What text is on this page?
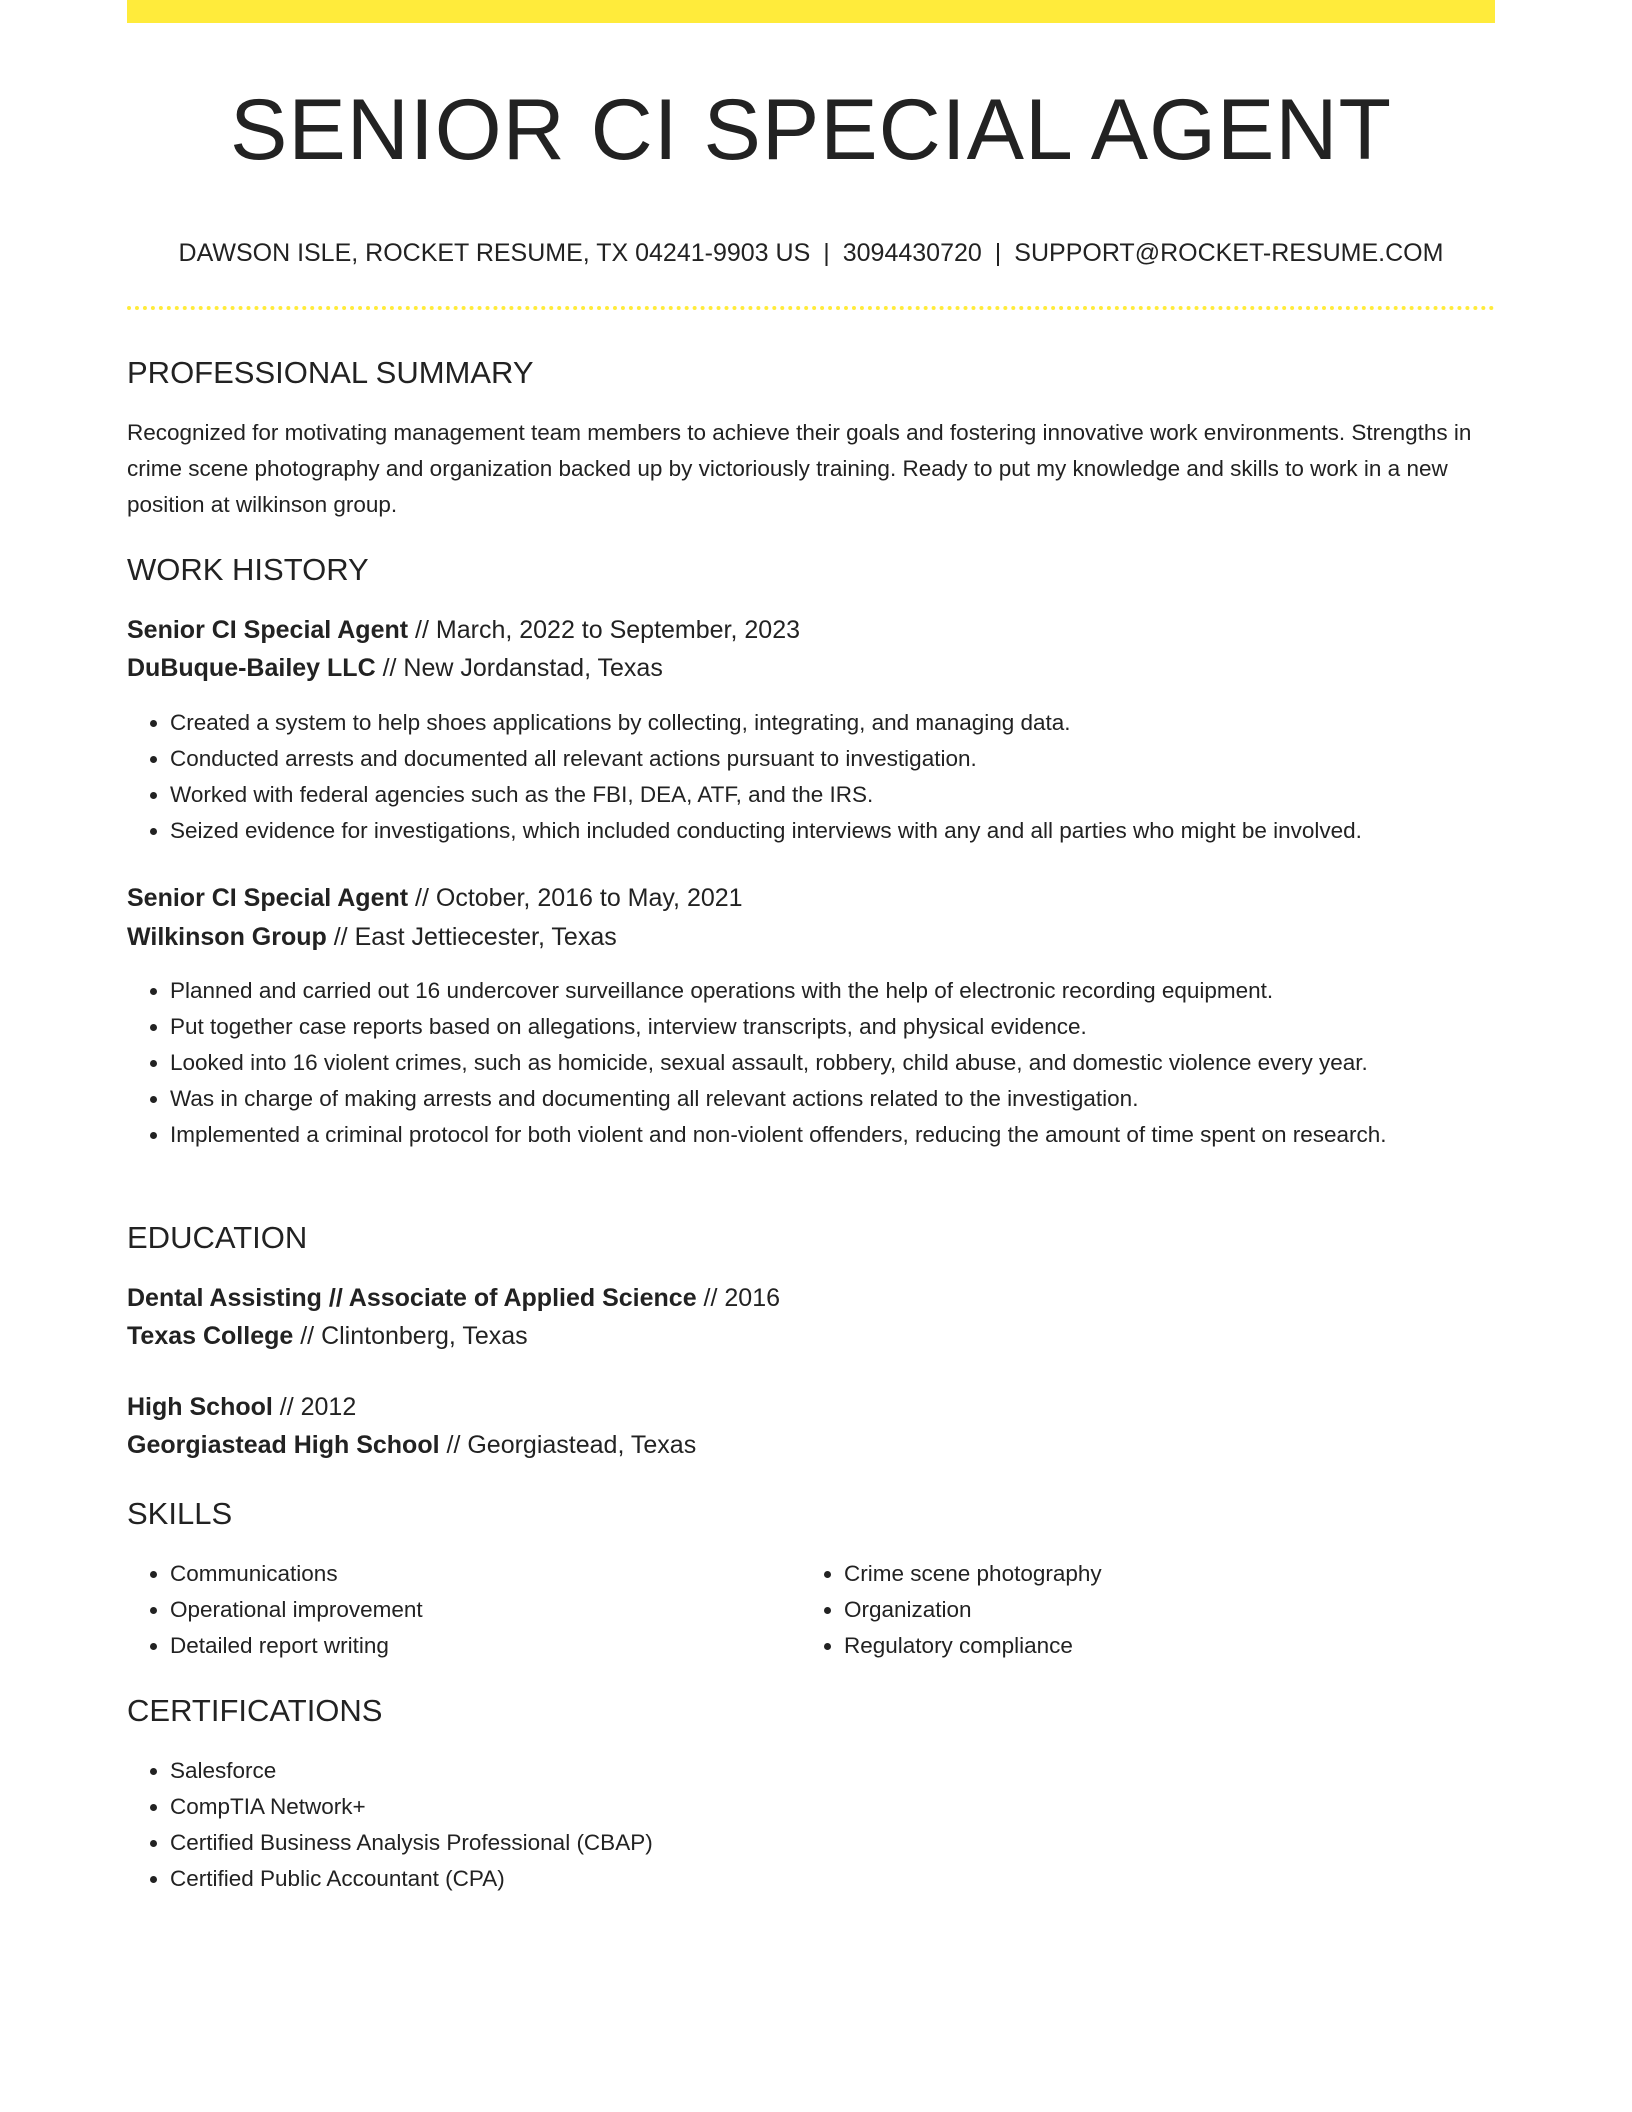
SENIOR CI SPECIAL AGENT
DAWSON ISLE, ROCKET RESUME, TX 04241-9903 US | 3094430720 | SUPPORT@ROCKET-RESUME.COM
PROFESSIONAL SUMMARY
Recognized for motivating management team members to achieve their goals and fostering innovative work environments. Strengths in crime scene photography and organization backed up by victoriously training. Ready to put my knowledge and skills to work in a new position at wilkinson group.
WORK HISTORY
Senior CI Special Agent // March, 2022 to September, 2023
DuBuque-Bailey LLC // New Jordanstad, Texas
• Created a system to help shoes applications by collecting, integrating, and managing data.
• Conducted arrests and documented all relevant actions pursuant to investigation.
• Worked with federal agencies such as the FBI, DEA, ATF, and the IRS.
• Seized evidence for investigations, which included conducting interviews with any and all parties who might be involved.
Senior CI Special Agent // October, 2016 to May, 2021
Wilkinson Group // East Jettiecester, Texas
• Planned and carried out 16 undercover surveillance operations with the help of electronic recording equipment.
• Put together case reports based on allegations, interview transcripts, and physical evidence.
• Looked into 16 violent crimes, such as homicide, sexual assault, robbery, child abuse, and domestic violence every year.
• Was in charge of making arrests and documenting all relevant actions related to the investigation.
• Implemented a criminal protocol for both violent and non-violent offenders, reducing the amount of time spent on research.
EDUCATION
Dental Assisting // Associate of Applied Science // 2016
Texas College // Clintonberg, Texas
High School // 2012
Georgiastead High School // Georgiastead, Texas
SKILLS
• Communications
• Operational improvement
• Detailed report writing
• Crime scene photography
• Organization
• Regulatory compliance
CERTIFICATIONS
• Salesforce
• CompTIA Network+
• Certified Business Analysis Professional (CBAP)
• Certified Public Accountant (CPA)
